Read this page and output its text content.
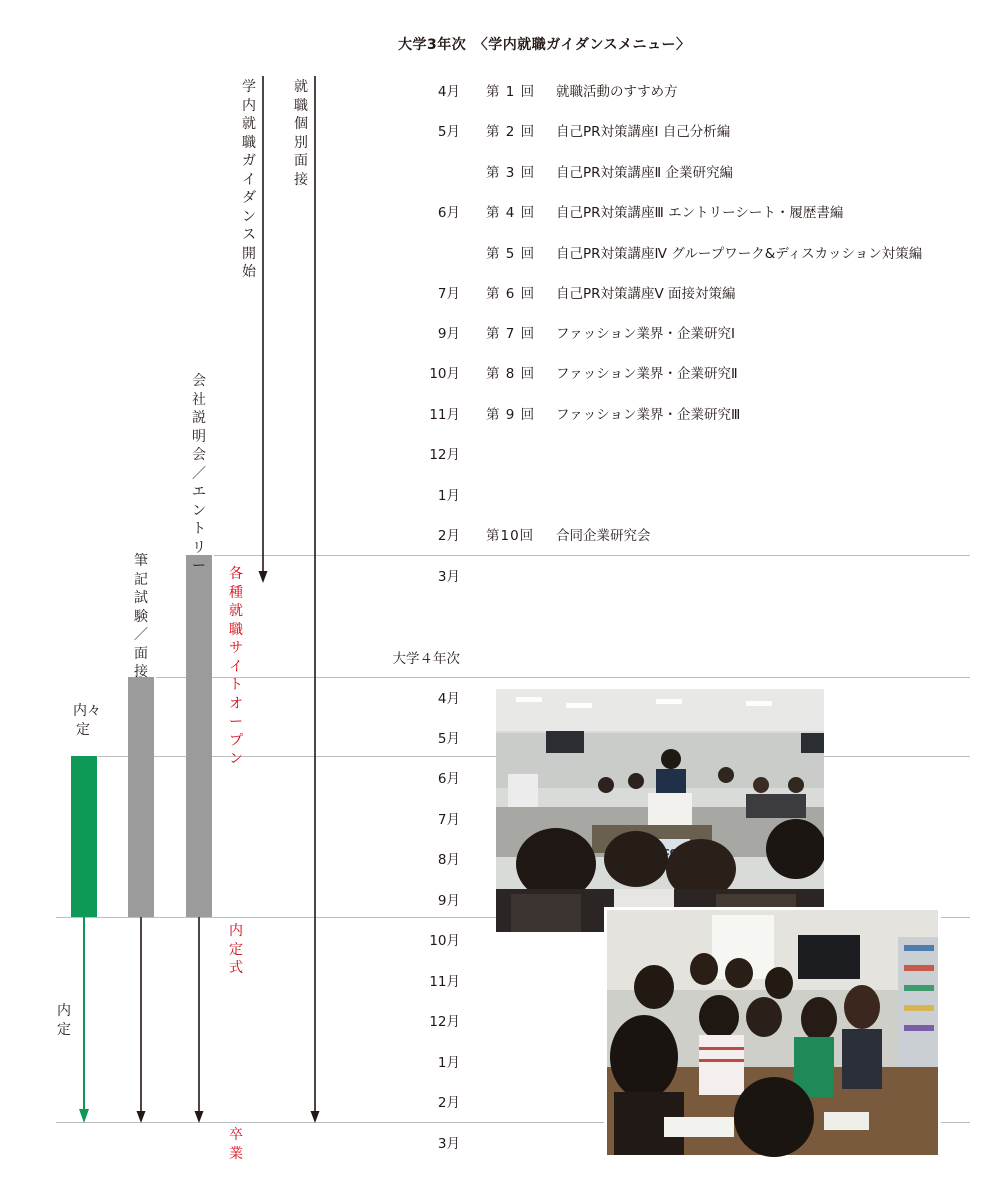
大学3年次　〈学内就職ガイダンスメニュー〉
4月
5月
6月
7月
9月
10月
11月
12月
1月
2月
3月
大学４年次
4月
5月
6月
7月
8月
9月
10月
11月
12月
1月
2月
3月
第 1 回 就職活動のすすめ方
第 2 回 自己PR対策講座Ⅰ 自己分析編
第 3 回 自己PR対策講座Ⅱ 企業研究編
第 4 回 自己PR対策講座Ⅲ エントリーシート・履歴書編
第 5 回 自己PR対策講座Ⅳ グループワーク&ディスカッション対策編
第 6 回 自己PR対策講座Ⅴ 面接対策編
第 7 回 ファッション業界・企業研究Ⅰ
第 8 回 ファッション業界・企業研究Ⅱ
第 9 回 ファッション業界・企業研究Ⅲ
第10回 合同企業研究会
就職個別面接
学内就職ガイダンス開始
会社説明会／エントリー
筆記試験／面接
内々定
内定
各種就職サイトオープン
内定式
卒業
